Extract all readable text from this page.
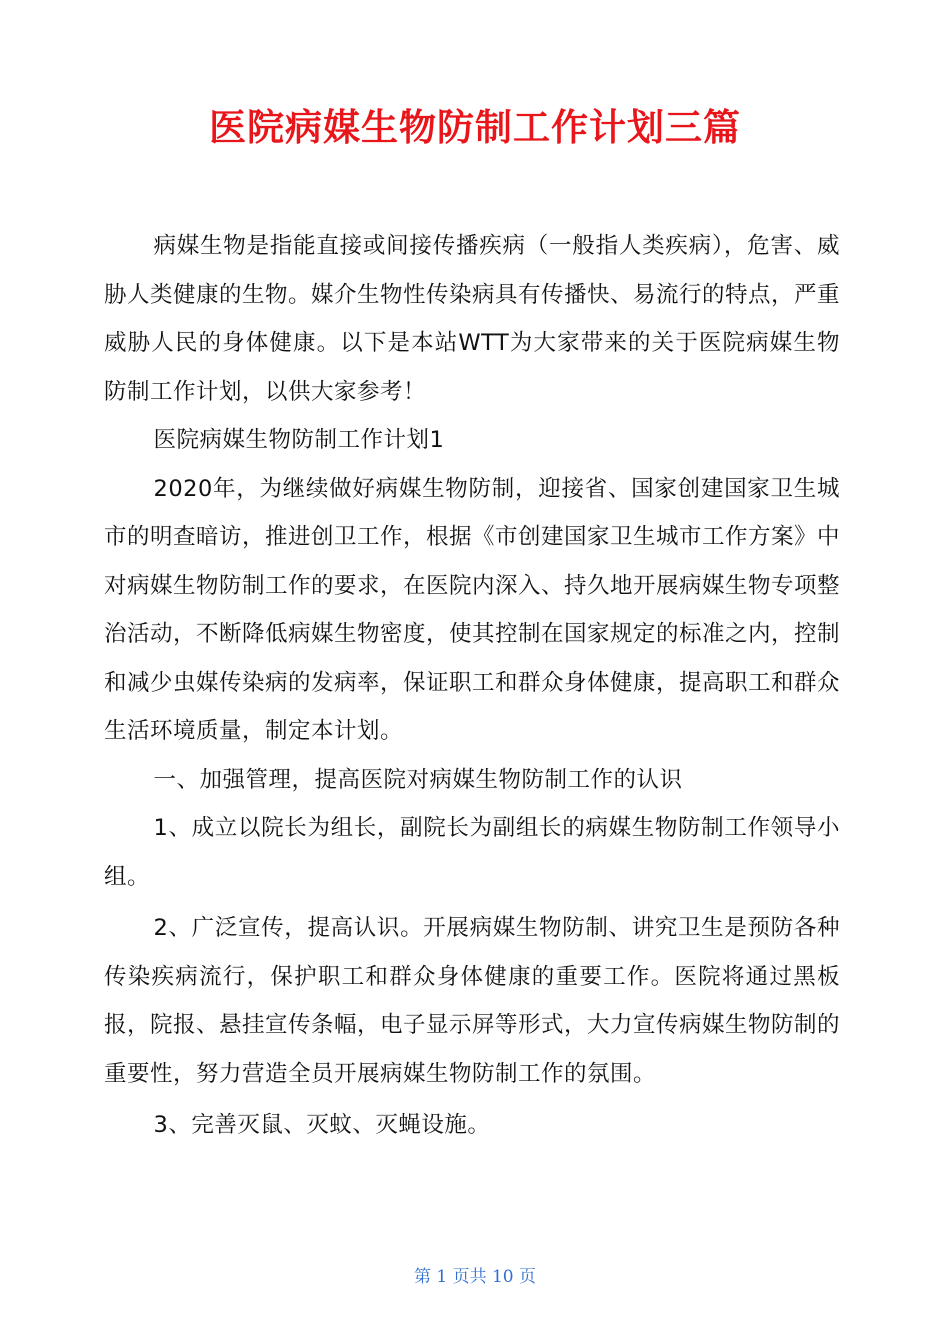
医院病媒生物防制工作计划三篇

病媒生物是指能直接或间接传播疾病（一般指人类疾病），危害、威胁人类健康的生物。媒介生物性传染病具有传播快、易流行的特点，严重威胁人民的身体健康。以下是本站WTT为大家带来的关于医院病媒生物防制工作计划，以供大家参考！

医院病媒生物防制工作计划1

2020年，为继续做好病媒生物防制，迎接省、国家创建国家卫生城市的明查暗访，推进创卫工作，根据《市创建国家卫生城市工作方案》中对病媒生物防制工作的要求，在医院内深入、持久地开展病媒生物专项整治活动，不断降低病媒生物密度，使其控制在国家规定的标准之内，控制和减少虫媒传染病的发病率，保证职工和群众身体健康，提高职工和群众生活环境质量，制定本计划。

一、加强管理，提高医院对病媒生物防制工作的认识

1、成立以院长为组长，副院长为副组长的病媒生物防制工作领导小组。

2、广泛宣传，提高认识。开展病媒生物防制、讲究卫生是预防各种传染疾病流行，保护职工和群众身体健康的重要工作。医院将通过黑板报，院报、悬挂宣传条幅，电子显示屏等形式，大力宣传病媒生物防制的重要性，努力营造全员开展病媒生物防制工作的氛围。

3、完善灭鼠、灭蚊、灭蝇设施。

第 1 页共 10 页
